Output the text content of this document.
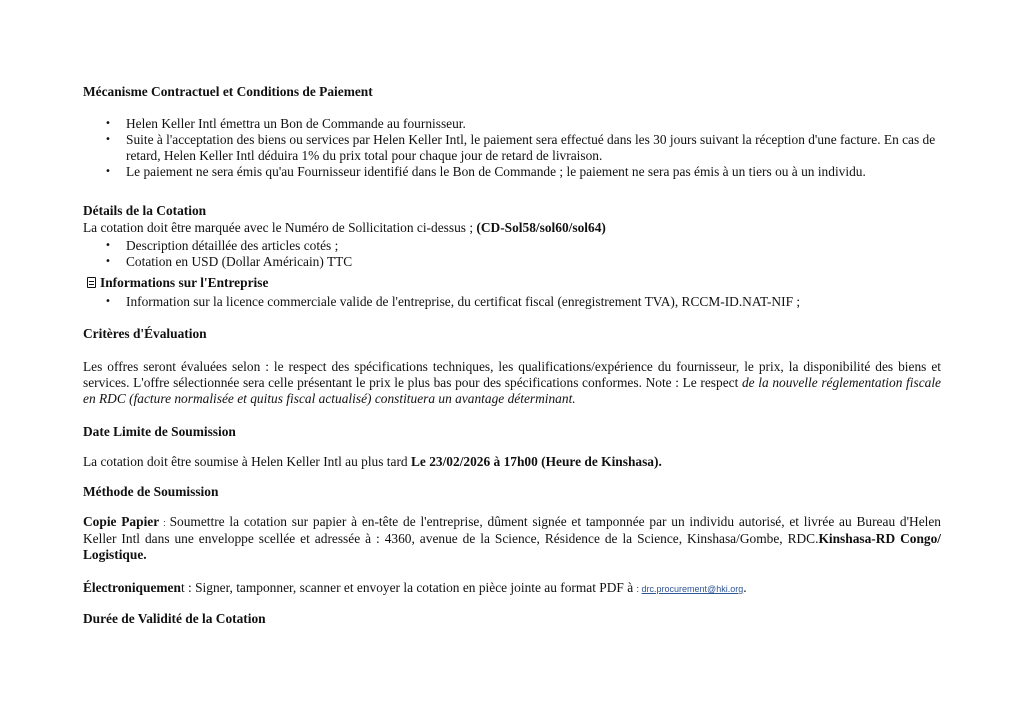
Mécanisme Contractuel et Conditions de Paiement
• Helen Keller Intl émettra un Bon de Commande au fournisseur.
• Suite à l'acceptation des biens ou services par Helen Keller Intl, le paiement sera effectué dans les 30 jours suivant la réception d'une facture. En cas de retard, Helen Keller Intl déduira 1% du prix total pour chaque jour de retard de livraison.
• Le paiement ne sera émis qu'au Fournisseur identifié dans le Bon de Commande ; le paiement ne sera pas émis à un tiers ou à un individu.
Détails de la Cotation
La cotation doit être marquée avec le Numéro de Sollicitation ci-dessus ; (CD-Sol58/sol60/sol64)
• Description détaillée des articles cotés ;
• Cotation en USD (Dollar Américain) TTC
Informations sur l'Entreprise
• Information sur la licence commerciale valide de l'entreprise, du certificat fiscal (enregistrement TVA), RCCM-ID.NAT-NIF ;
Critères d'Évaluation
Les offres seront évaluées selon : le respect des spécifications techniques, les qualifications/expérience du fournisseur, le prix, la disponibilité des biens et services. L'offre sélectionnée sera celle présentant le prix le plus bas pour des spécifications conformes. Note : Le respect de la nouvelle réglementation fiscale en RDC (facture normalisée et quitus fiscal actualisé) constituera un avantage déterminant.
Date Limite de Soumission
La cotation doit être soumise à Helen Keller Intl au plus tard Le 23/02/2026 à 17h00 (Heure de Kinshasa).
Méthode de Soumission
Copie Papier : Soumettre la cotation sur papier à en-tête de l'entreprise, dûment signée et tamponnée par un individu autorisé, et livrée au Bureau d'Helen Keller Intl dans une enveloppe scellée et adressée à : 4360, avenue de la Science, Résidence de la Science, Kinshasa/Gombe, RDC.Kinshasa-RD Congo/ Logistique.
Électroniquement : Signer, tamponner, scanner et envoyer la cotation en pièce jointe au format PDF à : drc.procurement@hki.org.
Durée de Validité de la Cotation
